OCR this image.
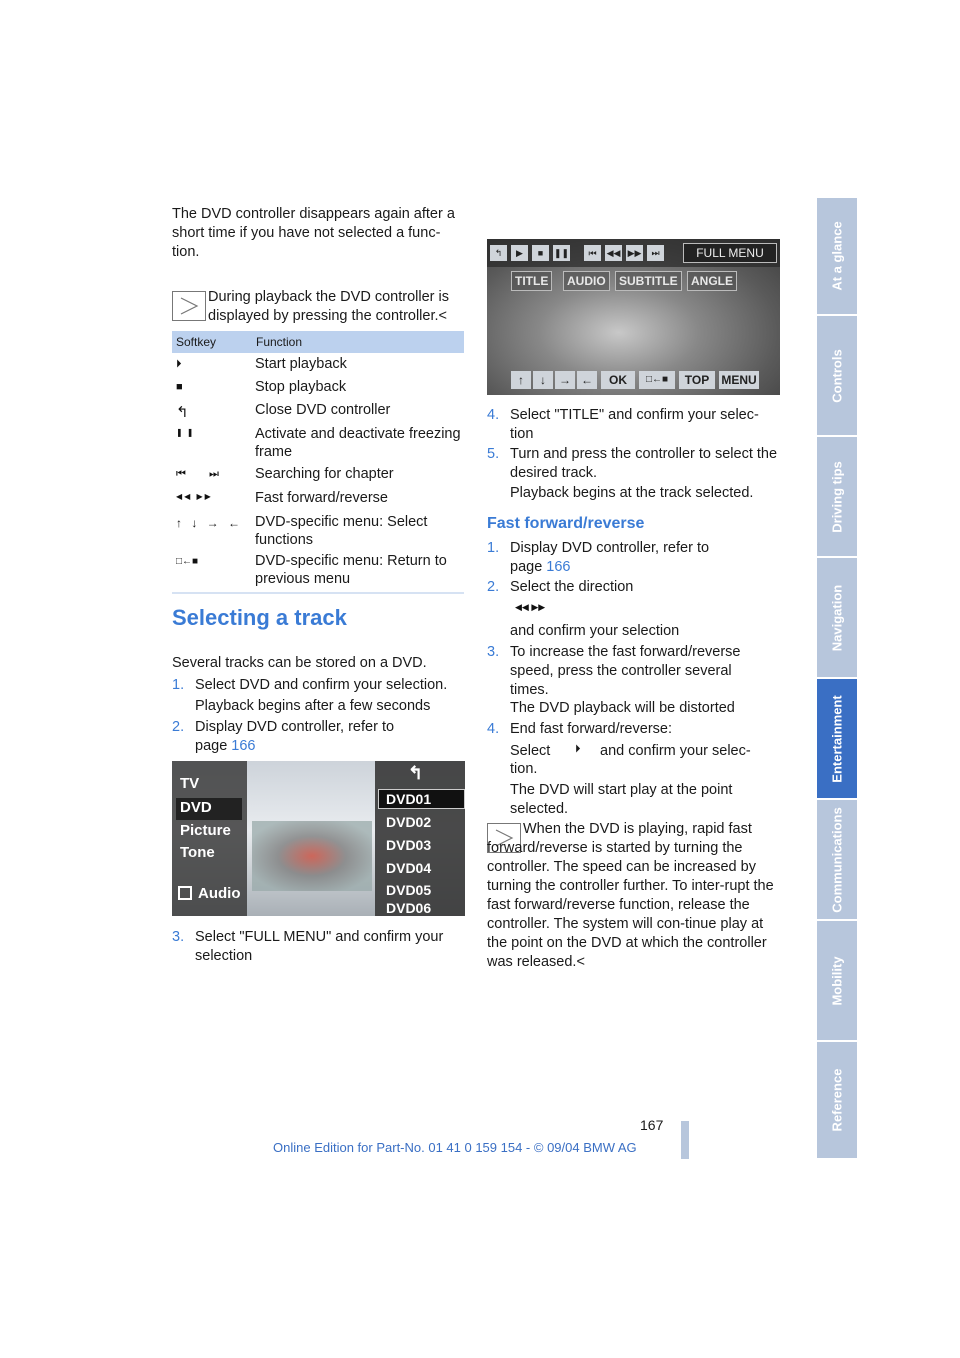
The DVD controller disappears again after a short time if you have not selected a func-tion.

During playback the DVD controller is displayed by pressing the controller.<

Softkey	Function
⏵	Start playback
■	Stop playback
↰	Close DVD controller
❚❚	Activate and deactivate freezing frame
⏮ ⏭ Searching for chapter
◀◀ ▶▶	Fast forward/reverse
↑ ↓ → ← DVD-specific menu: Select functions
□←■	DVD-specific menu: Return to previous menu
Selecting a track

Several tracks can be stored on a DVD.

1. Select DVD and confirm your selection.

Playback begins after a few seconds

2. Display DVD controller, refer to page 166

TV
DVD
Picture
Tone
Audio
↰
DVD01
DVD02
DVD03
DVD04
DVD05
DVD06
3. Select "FULL MENU" and confirm your selection

↰	▶	■	❚❚	⏮	◀◀ ▶▶	⏭	FULL MENU
TITLE	AUDIO	SUBTITLE	ANGLE
↑	↓	→ ←	OK	□←■	TOP	MENU
4. Select "TITLE" and confirm your selec-tion

5. Turn and press the controller to select the desired track.

Playback begins at the track selected.

Fast forward/reverse
1. Display DVD controller, refer to page 166

2. Select the direction

◀◀ ▶▶

and confirm your selection

3. To increase the fast forward/reverse speed, press the controller several times.

The DVD playback will be distorted

4. End fast forward/reverse:

Select ⏵ and confirm your selec-
tion.

The DVD will start play at the point selected.

When the DVD is playing, rapid fast forward/reverse is started by turning the controller. The speed can be increased by turning the controller further. To inter-rupt the fast forward/reverse function, release the controller. The system will con-tinue play at the point on the DVD at which the controller was released.<

At a glance
Controls
Driving tips
Navigation
Entertainment
Communications
Mobility
Reference
167
Online Edition for Part-No. 01 41 0 159 154 - © 09/04 BMW AG
